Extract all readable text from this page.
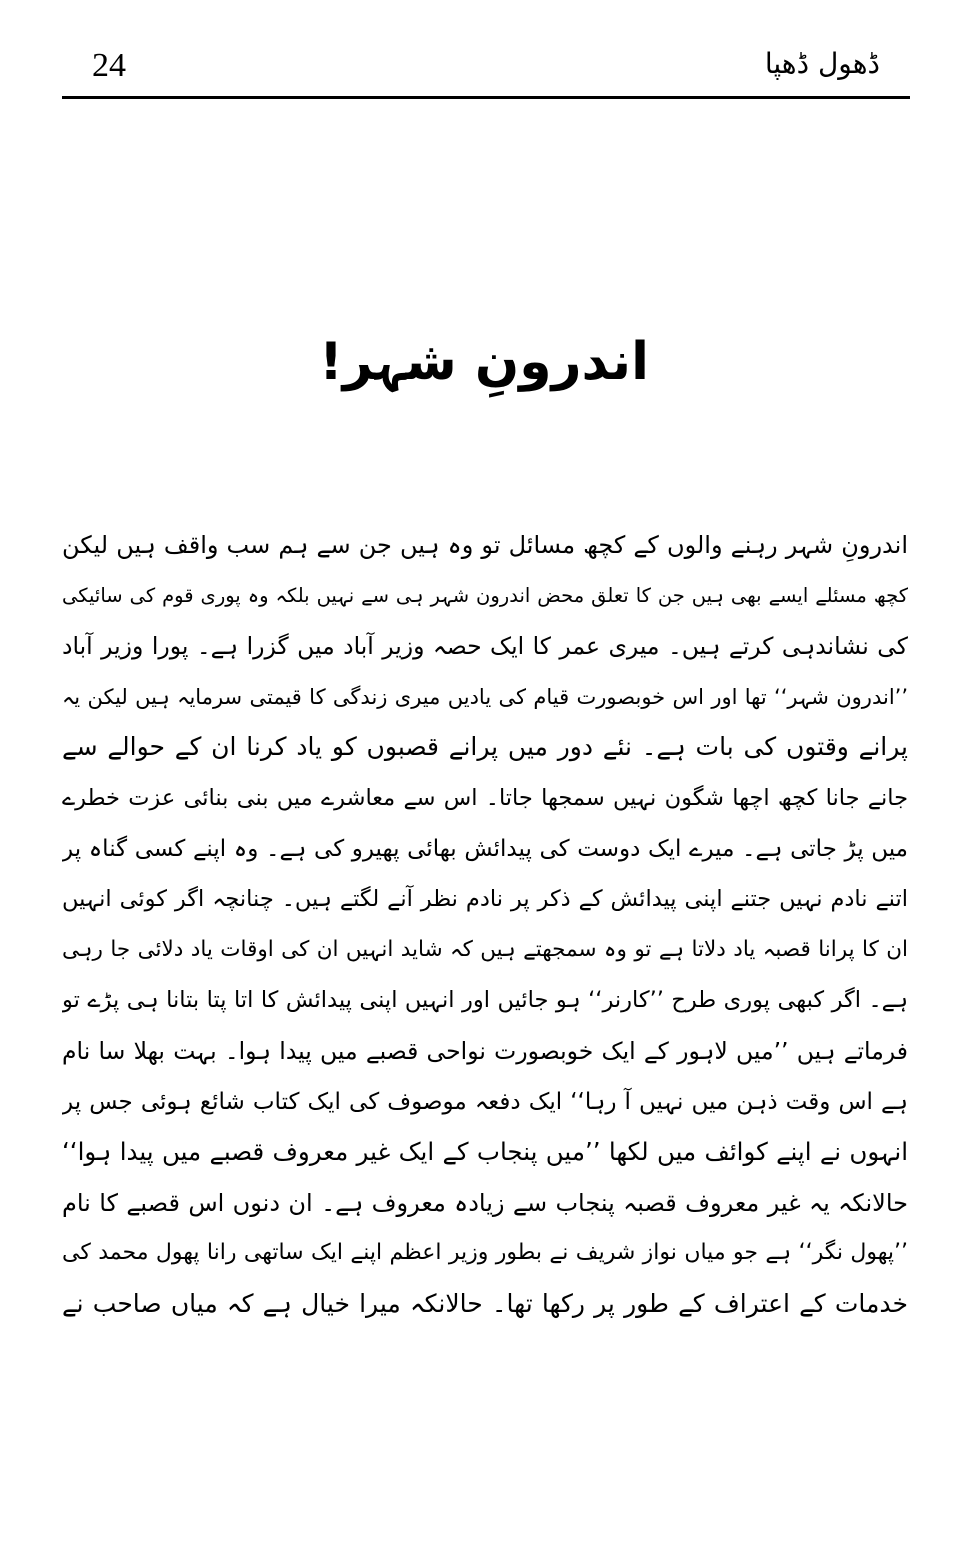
24	ڈھول ڈھپا
اندرونِ شہر!
اندرونِ شہر رہنے والوں کے کچھ مسائل تو وہ ہیں جن سے ہم سب واقف ہیں لیکن
کچھ مسئلے ایسے بھی ہیں جن کا تعلق محض اندرون شہر ہی سے نہیں بلکہ وہ پوری قوم کی سائیکی
کی نشاندہی کرتے ہیں۔ میری عمر کا ایک حصہ وزیر آباد میں گزرا ہے۔ پورا وزیر آباد
’’اندرون شہر‘‘ تھا اور اس خوبصورت قیام کی یادیں میری زندگی کا قیمتی سرمایہ ہیں لیکن یہ
پرانے وقتوں کی بات ہے۔ نئے دور میں پرانے قصبوں کو یاد کرنا ان کے حوالے سے
جانے جانا کچھ اچھا شگون نہیں سمجھا جاتا۔ اس سے معاشرے میں بنی بنائی عزت خطرے
میں پڑ جاتی ہے۔ میرے ایک دوست کی پیدائش بھائی پھیرو کی ہے۔ وہ اپنے کسی گناہ پر
اتنے نادم نہیں جتنے اپنی پیدائش کے ذکر پر نادم نظر آنے لگتے ہیں۔ چنانچہ اگر کوئی انہیں
ان کا پرانا قصبہ یاد دلاتا ہے تو وہ سمجھتے ہیں کہ شاید انہیں ان کی اوقات یاد دلائی جا رہی
ہے۔ اگر کبھی پوری طرح ’’کارنر‘‘ ہو جائیں اور انہیں اپنی پیدائش کا اتا پتا بتانا ہی پڑے تو
فرماتے ہیں ’’میں لاہور کے ایک خوبصورت نواحی قصبے میں پیدا ہوا۔ بہت بھلا سا نام
ہے اس وقت ذہن میں نہیں آ رہا‘‘ ایک دفعہ موصوف کی ایک کتاب شائع ہوئی جس پر
انہوں نے اپنے کوائف میں لکھا ’’میں پنجاب کے ایک غیر معروف قصبے میں پیدا ہوا‘‘
حالانکہ یہ غیر معروف قصبہ پنجاب سے زیادہ معروف ہے۔ ان دنوں اس قصبے کا نام
’’پھول نگر‘‘ ہے جو میاں نواز شریف نے بطور وزیر اعظم اپنے ایک ساتھی رانا پھول محمد کی
خدمات کے اعتراف کے طور پر رکھا تھا۔ حالانکہ میرا خیال ہے کہ میاں صاحب نے
